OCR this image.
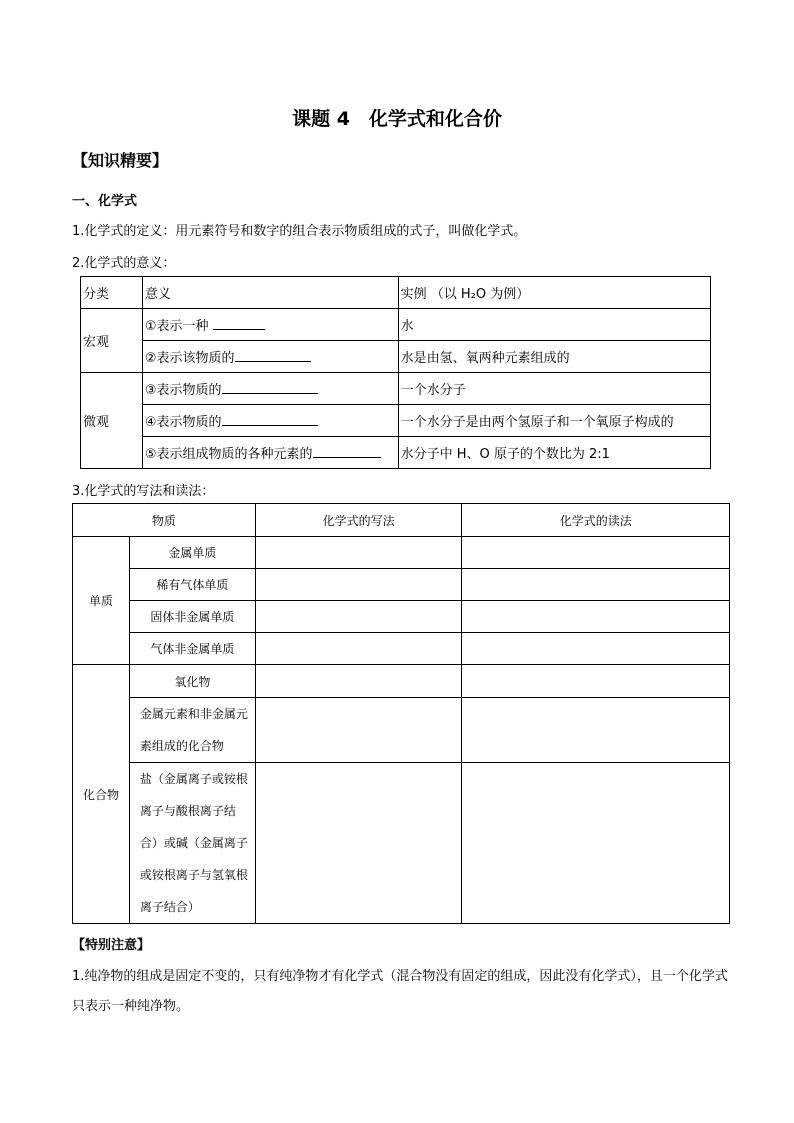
课题 4　化学式和化合价
【知识精要】
一、化学式
1.化学式的定义：用元素符号和数字的组合表示物质组成的式子，叫做化学式。
2.化学式的意义：
分类	意义	实例 （以 H₂O 为例）
宏观	①表示一种	水
	②表示该物质的	水是由氢、氧两种元素组成的
微观	③表示物质的	一个水分子
	④表示物质的	一个水分子是由两个氢原子和一个氧原子构成的
	⑤表示组成物质的各种元素的	水分子中 H、O 原子的个数比为 2:1
3.化学式的写法和读法：
物质		化学式的写法	化学式的读法
单质	金属单质		
	稀有气体单质		
	固体非金属单质		
	气体非金属单质		
化合物	氧化物		
	金属元素和非金属元素组成的化合物		
	盐（金属离子或铵根离子与酸根离子结合）或碱（金属离子或铵根离子与氢氧根离子结合）		
【特别注意】
1.纯净物的组成是固定不变的，只有纯净物才有化学式（混合物没有固定的组成，因此没有化学式），且一个化学式只表示一种纯净物。
